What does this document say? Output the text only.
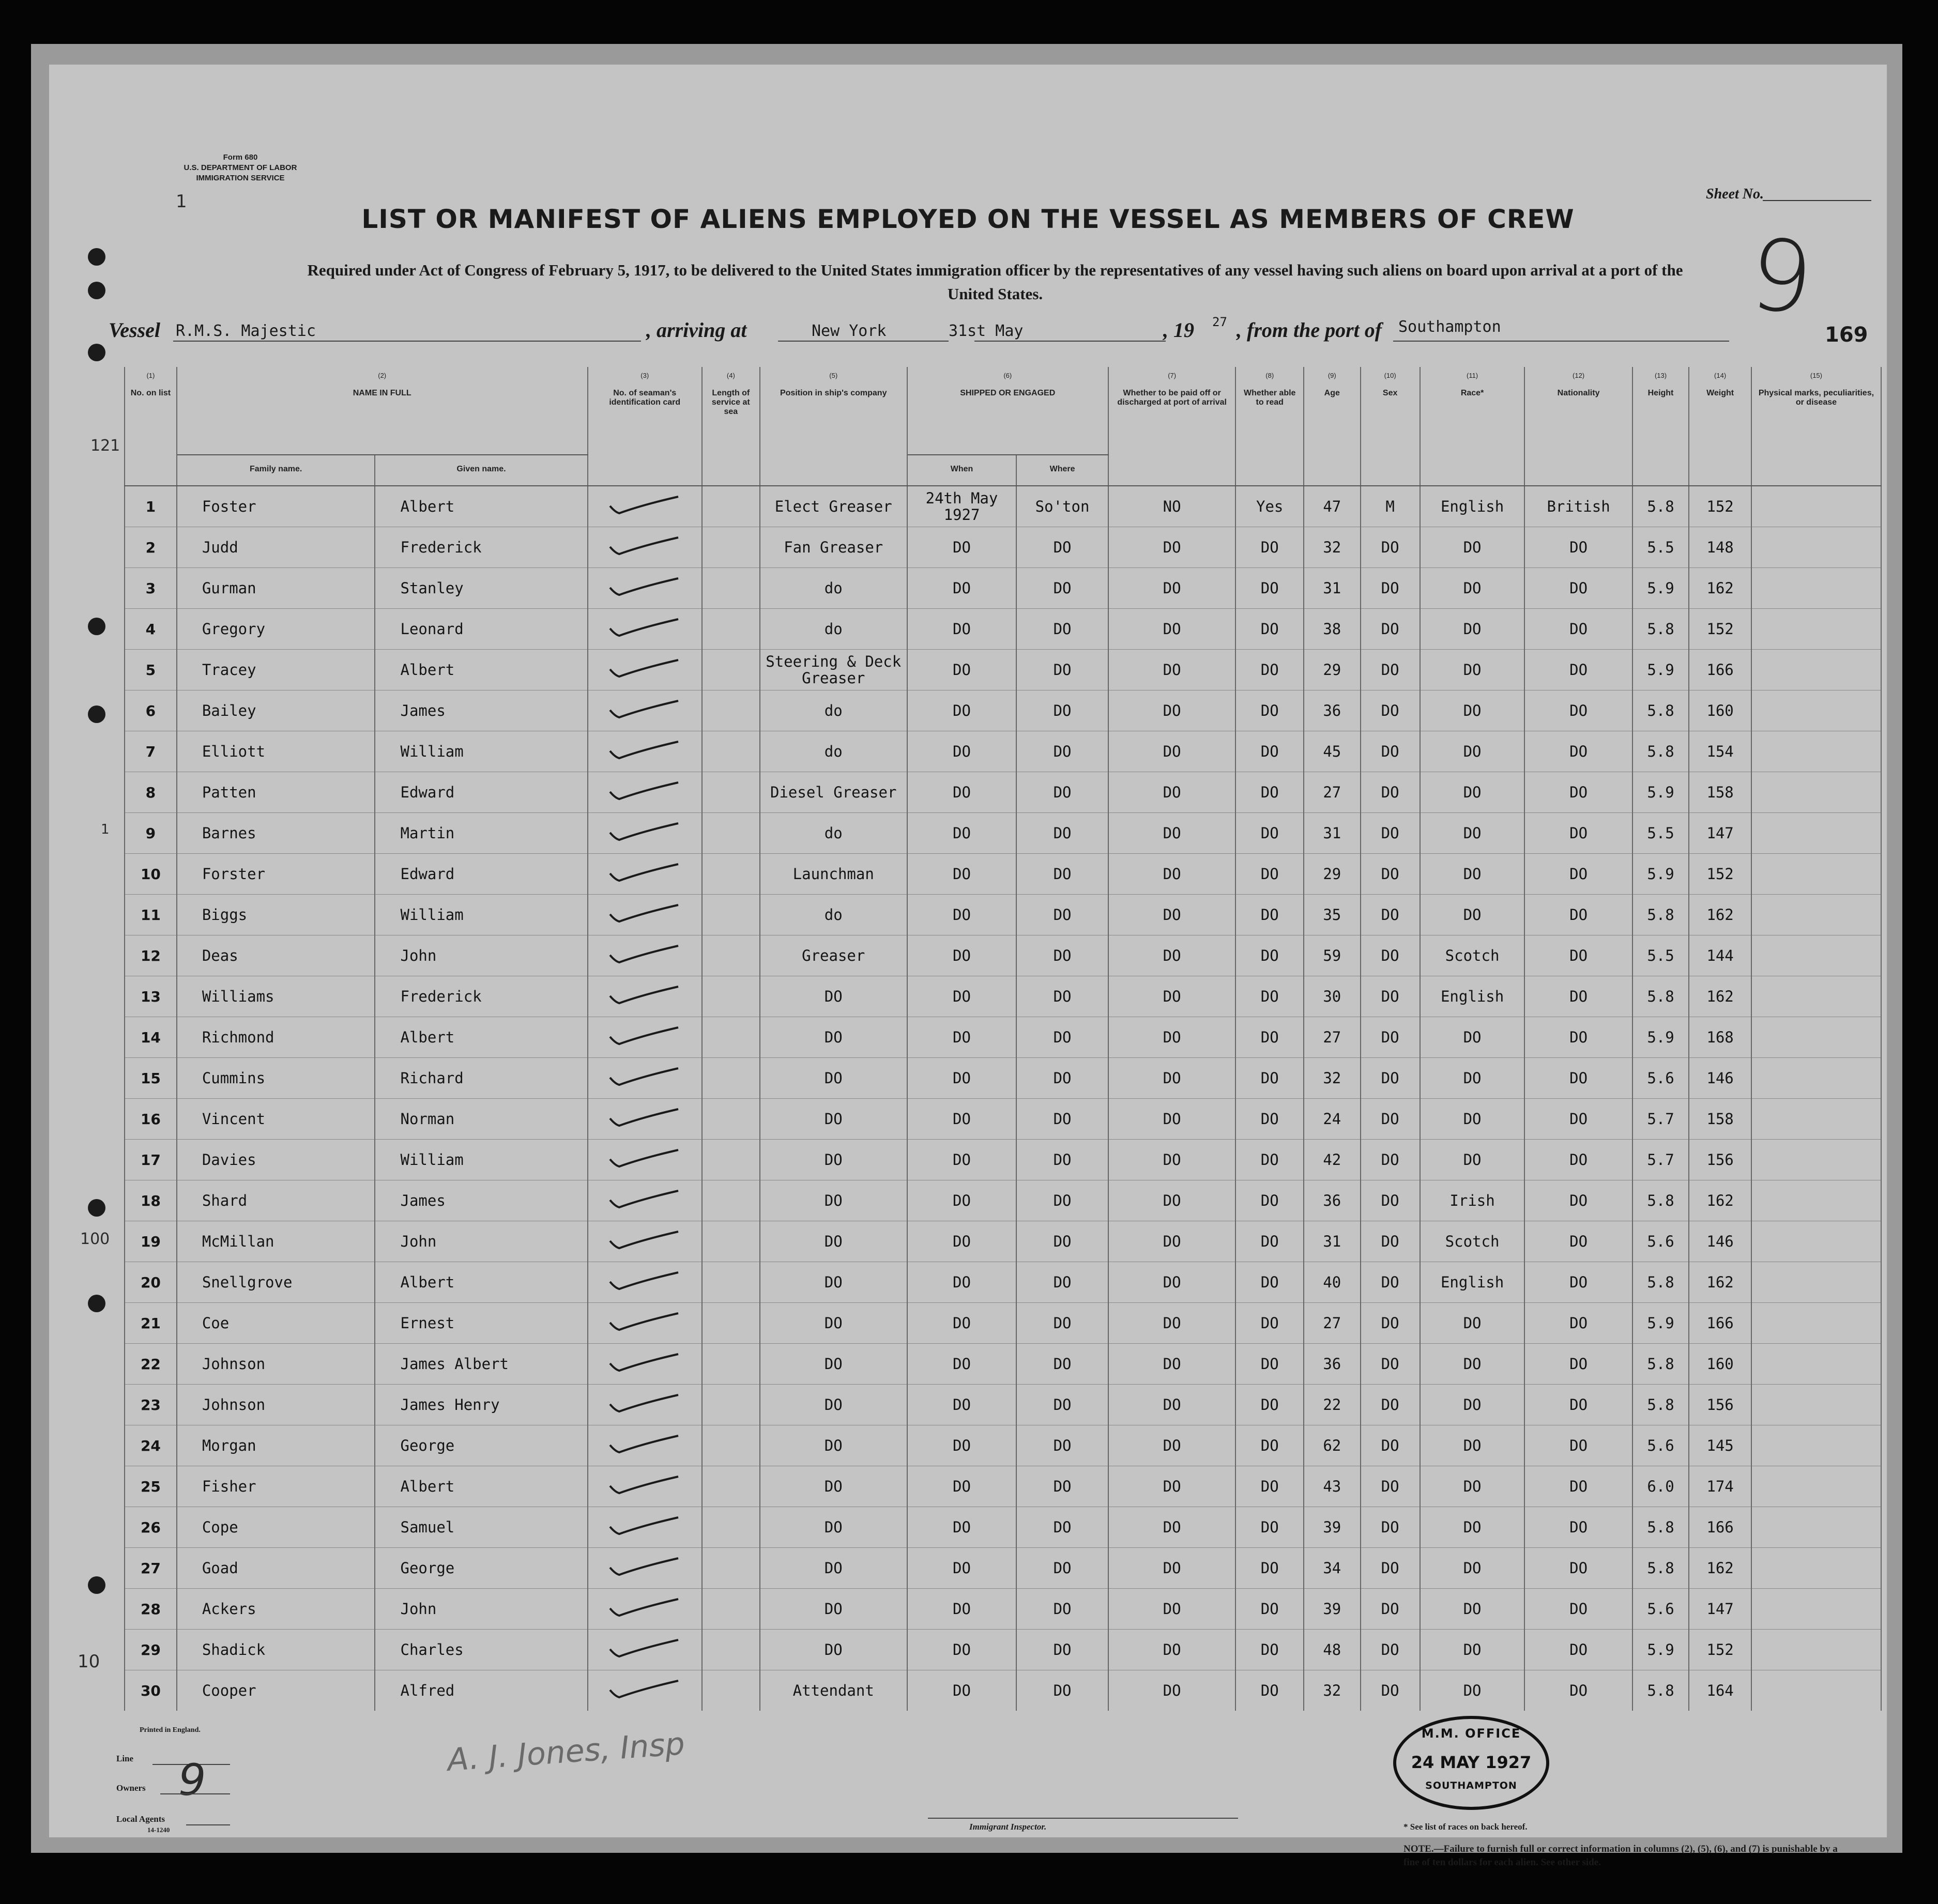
Form 680
U.S. DEPARTMENT OF LABOR
IMMIGRATION SERVICE
1	Sheet No.
9
LIST OR MANIFEST OF ALIENS EMPLOYED ON THE VESSEL AS MEMBERS OF CREW
Required under Act of Congress of February 5, 1917, to be delivered to the United States immigration officer by the representatives of any vessel having such aliens on board upon arrival at a port of the United States.
Vessel R.M.S. Majestic	, arriving at	New York	31st May	, 19 27 , from the port of Southampton	169
121
1
100
10
(1)
No. on list	(2)
NAME IN FULL		(3)
No. of seaman's identification card	(4)
Length of service at sea	(5)
Position in ship's company	(6)
SHIPPED OR ENGAGED		(7)
Whether to be paid off or discharged at port of arrival	(8)
Whether able to read	(9)
Age	(10)
Sex	(11)
Race*	(12)
Nationality	(13)
Height	(14)
Weight	(15)
Physical marks, peculiarities, or disease

	Family name.	Given name.				When	Where									
1	Foster	Albert			Elect Greaser	24th May 1927	So'ton	NO	Yes	47	M	English	British	5.8	152	
2	Judd	Frederick			Fan Greaser	DO	DO	DO	DO	32	DO	DO	DO	5.5	148	
3	Gurman	Stanley			do	DO	DO	DO	DO	31	DO	DO	DO	5.9	162	
4	Gregory	Leonard			do	DO	DO	DO	DO	38	DO	DO	DO	5.8	152	
5	Tracey	Albert			Steering & Deck Greaser	DO	DO	DO	DO	29	DO	DO	DO	5.9	166	
6	Bailey	James			do	DO	DO	DO	DO	36	DO	DO	DO	5.8	160	
7	Elliott	William			do	DO	DO	DO	DO	45	DO	DO	DO	5.8	154	
8	Patten	Edward			Diesel Greaser	DO	DO	DO	DO	27	DO	DO	DO	5.9	158	
9	Barnes	Martin			do	DO	DO	DO	DO	31	DO	DO	DO	5.5	147	
10	Forster	Edward			Launchman	DO	DO	DO	DO	29	DO	DO	DO	5.9	152	
11	Biggs	William			do	DO	DO	DO	DO	35	DO	DO	DO	5.8	162	
12	Deas	John			Greaser	DO	DO	DO	DO	59	DO	Scotch	DO	5.5	144	
13	Williams	Frederick			DO	DO	DO	DO	DO	30	DO	English	DO	5.8	162	
14	Richmond	Albert			DO	DO	DO	DO	DO	27	DO	DO	DO	5.9	168	
15	Cummins	Richard			DO	DO	DO	DO	DO	32	DO	DO	DO	5.6	146	
16	Vincent	Norman			DO	DO	DO	DO	DO	24	DO	DO	DO	5.7	158	
17	Davies	William			DO	DO	DO	DO	DO	42	DO	DO	DO	5.7	156	
18	Shard	James			DO	DO	DO	DO	DO	36	DO	Irish	DO	5.8	162	
19	McMillan	John			DO	DO	DO	DO	DO	31	DO	Scotch	DO	5.6	146	
20	Snellgrove	Albert			DO	DO	DO	DO	DO	40	DO	English	DO	5.8	162	
21	Coe	Ernest			DO	DO	DO	DO	DO	27	DO	DO	DO	5.9	166	
22	Johnson	James Albert			DO	DO	DO	DO	DO	36	DO	DO	DO	5.8	160	
23	Johnson	James Henry			DO	DO	DO	DO	DO	22	DO	DO	DO	5.8	156	
24	Morgan	George			DO	DO	DO	DO	DO	62	DO	DO	DO	5.6	145	
25	Fisher	Albert			DO	DO	DO	DO	DO	43	DO	DO	DO	6.0	174	
26	Cope	Samuel			DO	DO	DO	DO	DO	39	DO	DO	DO	5.8	166	
27	Goad	George			DO	DO	DO	DO	DO	34	DO	DO	DO	5.8	162	
28	Ackers	John			DO	DO	DO	DO	DO	39	DO	DO	DO	5.6	147	
29	Shadick	Charles			DO	DO	DO	DO	DO	48	DO	DO	DO	5.9	152	
30	Cooper	Alfred			Attendant	DO	DO	DO	DO	32	DO	DO	DO	5.8	164	
Printed in England.
Line
Owners 9
Local Agents
14-1240
A. J. Jones, Insp
Immigrant Inspector.
M.M. OFFICE
24 MAY 1927
SOUTHAMPTON
* See list of races on back hereof.
NOTE.—Failure to furnish full or correct information in columns (2), (5), (6), and (7) is punishable by a fine of ten dollars for each alien. See other side.
